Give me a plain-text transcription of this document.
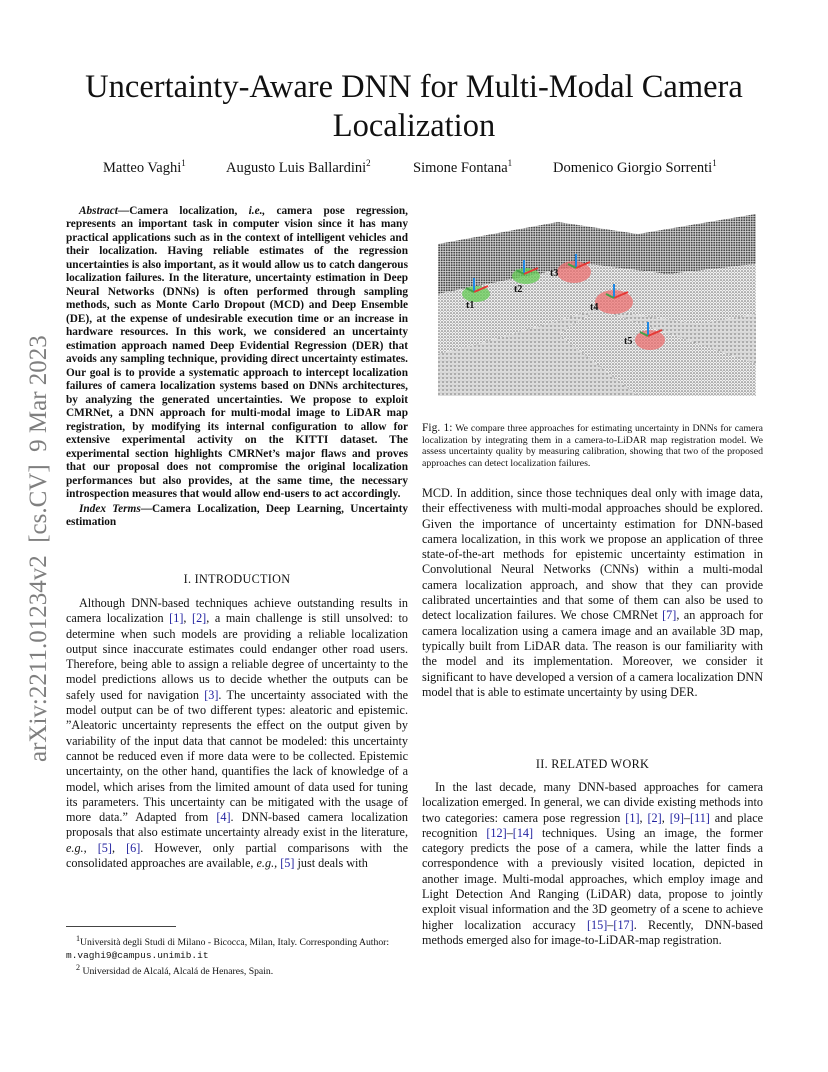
arXiv:2211.01234v2  [cs.CV]  9 Mar 2023
Uncertainty-Aware DNN for Multi-Modal Camera Localization
Matteo Vaghi$^1$	Augusto Luis Ballardini$^2$	Simone Fontana$^1$	Domenico Giorgio Sorrenti$^1$

Abstract—Camera localization, i.e., camera pose regression, represents an important task in computer vision since it has many practical applications such as in the context of intelligent vehicles and their localization. Having reliable estimates of the regression uncertainties is also important, as it would allow us to catch dangerous localization failures. In the literature, uncertainty estimation in Deep Neural Networks (DNNs) is often performed through sampling methods, such as Monte Carlo Dropout (MCD) and Deep Ensemble (DE), at the expense of undesirable execution time or an increase in hardware resources. In this work, we considered an uncertainty estimation approach named Deep Evidential Regression (DER) that avoids any sampling technique, providing direct uncertainty estimates. Our goal is to provide a systematic approach to intercept localization failures of camera localization systems based on DNNs architectures, by analyzing the generated uncertainties. We propose to exploit CMRNet, a DNN approach for multi-modal image to LiDAR map registration, by modifying its internal configuration to allow for extensive experimental activity on the KITTI dataset. The experimental section highlights CMRNet’s major flaws and proves that our proposal does not compromise the original localization performances but also provides, at the same time, the necessary introspection measures that would allow end-users to act accordingly.

Index Terms—Camera Localization, Deep Learning, Uncertainty estimation

I. INTRODUCTION

Although DNN-based techniques achieve outstanding results in camera localization [1], [2], a main challenge is still unsolved: to determine when such models are providing a reliable localization output since inaccurate estimates could endanger other road users. Therefore, being able to assign a reliable degree of uncertainty to the model predictions allows us to decide whether the outputs can be safely used for navigation [3]. The uncertainty associated with the model output can be of two different types: aleatoric and epistemic. ”Aleatoric uncertainty represents the effect on the output given by variability of the input data that cannot be modeled: this uncertainty cannot be reduced even if more data were to be collected. Epistemic uncertainty, on the other hand, quantifies the lack of knowledge of a model, which arises from the limited amount of data used for tuning its parameters. This uncertainty can be mitigated with the usage of more data.” Adapted from [4]. DNN-based camera localization proposals that also estimate uncertainty already exist in the literature, e.g., [5], [6]. However, only partial comparisons with the consolidated approaches are available, e.g., [5] just deals with

$^1$Università degli Studi di Milano - Bicocca, Milan, Italy. Corresponding Author: m.vaghi9@campus.unimib.it

$^2$ Universidad de Alcalá, Alcalá de Henares, Spain.

t1
t2
t3
t4
t5
Fig. 1: We compare three approaches for estimating uncertainty in DNNs for camera localization by integrating them in a camera-to-LiDAR map registration model. We assess uncertainty quality by measuring calibration, showing that two of the proposed approaches can detect localization failures.

MCD. In addition, since those techniques deal only with image data, their effectiveness with multi-modal approaches should be explored. Given the importance of uncertainty estimation for DNN-based camera localization, in this work we propose an application of three state-of-the-art methods for epistemic uncertainty estimation in Convolutional Neural Networks (CNNs) within a multi-modal camera localization approach, and show that they can provide calibrated uncertainties and that some of them can also be used to detect localization failures. We chose CMRNet [7], an approach for camera localization using a camera image and an available 3D map, typically built from LiDAR data. The reason is our familiarity with the model and its implementation. Moreover, we consider it significant to have developed a version of a camera localization DNN model that is able to estimate uncertainty by using DER.

II. RELATED WORK

In the last decade, many DNN-based approaches for camera localization emerged. In general, we can divide existing methods into two categories: camera pose regression [1], [2], [9]–[11] and place recognition [12]–[14] techniques. Using an image, the former category predicts the pose of a camera, while the latter finds a correspondence with a previously visited location, depicted in another image. Multi-modal approaches, which employ image and Light Detection And Ranging (LiDAR) data, propose to jointly exploit visual information and the 3D geometry of a scene to achieve higher localization accuracy [15]–[17]. Recently, DNN-based methods emerged also for image-to-LiDAR-map registration.
